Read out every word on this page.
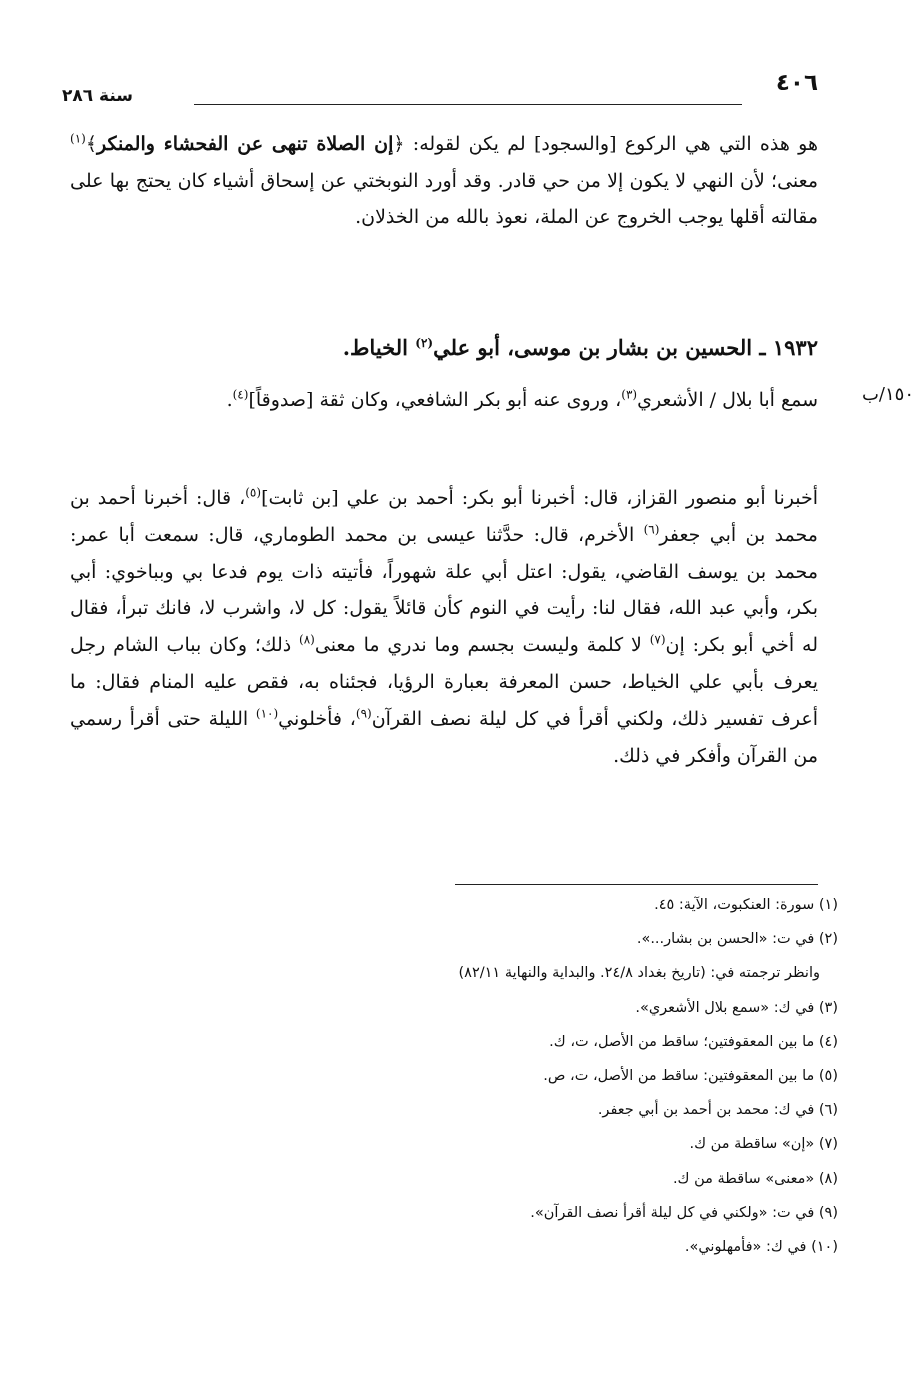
٤٠٦
سنة ٢٨٦
هو هذه التي هي الركوع [والسجود] لم يكن لقوله: ﴿إن الصلاة تنهى عن الفحشاء والمنكر﴾$^{(١)}$ معنى؛ لأن النهي لا يكون إلا من حي قادر. وقد أورد النوبختي عن إسحاق أشياء كان يحتج بها على مقالته أقلها يوجب الخروج عن الملة، نعوذ بالله من الخذلان.
١٩٣٢ ـ الحسين بن بشار بن موسى، أبو علي$^{(٢)}$ الخياط.
١٥٠/ب
سمع أبا بلال / الأشعري$^{(٣)}$، وروى عنه أبو بكر الشافعي، وكان ثقة [صدوقاً]$^{(٤)}$.
أخبرنا أبو منصور القزاز، قال: أخبرنا أبو بكر: أحمد بن علي [بن ثابت]$^{(٥)}$، قال: أخبرنا أحمد بن محمد بن أبي جعفر$^{(٦)}$ الأخرم، قال: حدَّثنا عيسى بن محمد الطوماري، قال: سمعت أبا عمر: محمد بن يوسف القاضي، يقول: اعتل أبي علة شهوراً، فأتيته ذات يوم فدعا بي وبباخوي: أبي بكر، وأبي عبد الله، فقال لنا: رأيت في النوم كأن قائلاً يقول: كل لا، واشرب لا، فانك تبرأ، فقال له أخي أبو بكر: إن$^{(٧)}$ لا كلمة وليست بجسم وما ندري ما معنى$^{(٨)}$ ذلك؛ وكان بباب الشام رجل يعرف بأبي علي الخياط، حسن المعرفة بعبارة الرؤيا، فجئناه به، فقص عليه المنام فقال: ما أعرف تفسير ذلك، ولكني أقرأ في كل ليلة نصف القرآن$^{(٩)}$، فأخلوني$^{(١٠)}$ الليلة حتى أقرأ رسمي من القرآن وأفكر في ذلك.
(١) سورة: العنكبوت، الآية: ٤٥.
(٢) في ت: «الحسن بن بشار...».
وانظر ترجمته في: (تاريخ بغداد ٢٤/٨. والبداية والنهاية ٨٢/١١)
(٣) في ك: «سمع بلال الأشعري».
(٤) ما بين المعقوفتين؛ ساقط من الأصل، ت، ك.
(٥) ما بين المعقوفتين: ساقط من الأصل، ت، ص.
(٦) في ك: محمد بن أحمد بن أبي جعفر.
(٧) «إن» ساقطة من ك.
(٨) «معنى» ساقطة من ك.
(٩) في ت: «ولكني في كل ليلة أقرأ نصف القرآن».
(١٠) في ك: «فأمهلوني».
